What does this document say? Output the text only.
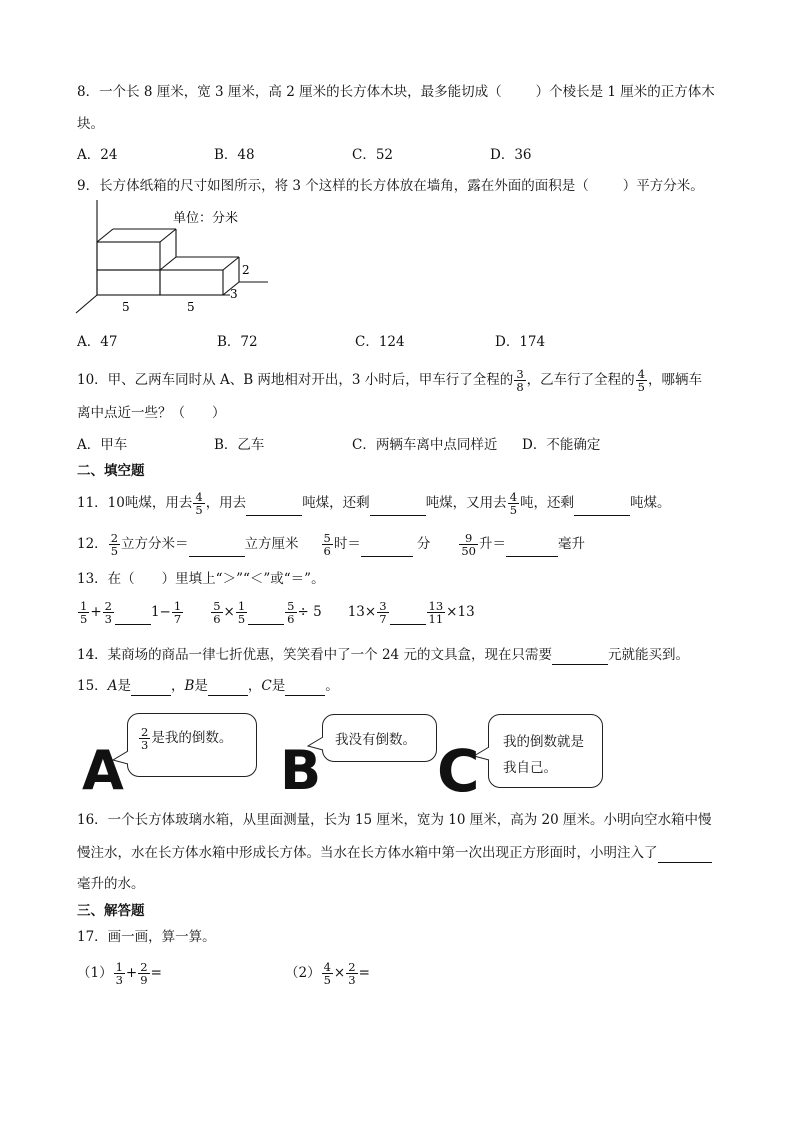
8．一个长 8 厘米，宽 3 厘米，高 2 厘米的长方体木块，最多能切成（	）个棱长是 1 厘米的正方体木
块。
A．24	B．48	C．52	D．36
9．长方体纸箱的尺寸如图所示，将 3 个这样的长方体放在墙角，露在外面的面积是（	）平方分米。
单位：分米
2
3
5	5
A．47	B．72	C．124	D．174
10．甲、乙两车同时从 A、B 两地相对开出，3 小时后，甲车行了全程的 $\frac{3}{8}$ ，乙车行了全程的 $\frac{4}{5}$ ，哪辆车
离中点近一些？（　　）
A．甲车	B．乙车	C．两辆车离中点同样近 D．不能确定
二、填空题
11．10吨煤，用去 $\frac{4}{5}$ ，用去	吨煤，还剩	吨煤，又用去 $\frac{4}{5}$ 吨，还剩	吨煤。
12． $\frac{2}{5}$ 立方分米＝	立方厘米 $\frac{5}{6}$ 时＝	分	$\frac{9}{50}$ 升＝	毫升
13．在（　　）里填上“＞”“＜”或“＝”。
$\frac{1}{5} + \frac{2}{3}$	$1- \frac{1}{7} \frac{5}{6} \times \frac{1}{5}$	$\frac{5}{6} \div 5$ $13\times \frac{3}{7}$	$\frac{13}{11} \times 13$
14．某商场的商品一律七折优惠，笑笑看中了一个 24 元的文具盒，现在只需要	元就能买到。
15．A是	，B是	，C是	。
$\frac{2}{3}$ 是我的倒数。
A	我没有倒数。
B	我的倒数就是
我自己。
C
16．一个长方体玻璃水箱，从里面测量，长为 15 厘米，宽为 10 厘米，高为 20 厘米。小明向空水箱中慢
慢注水，水在长方体水箱中形成长方体。当水在长方体水箱中第一次出现正方形面时，小明注入了
毫升的水。
三、解答题
17．画一画，算一算。
$(1) \frac{1}{3} + \frac{2}{9}$ =	$(2) \frac{4}{5} \times \frac{2}{3}$ =
